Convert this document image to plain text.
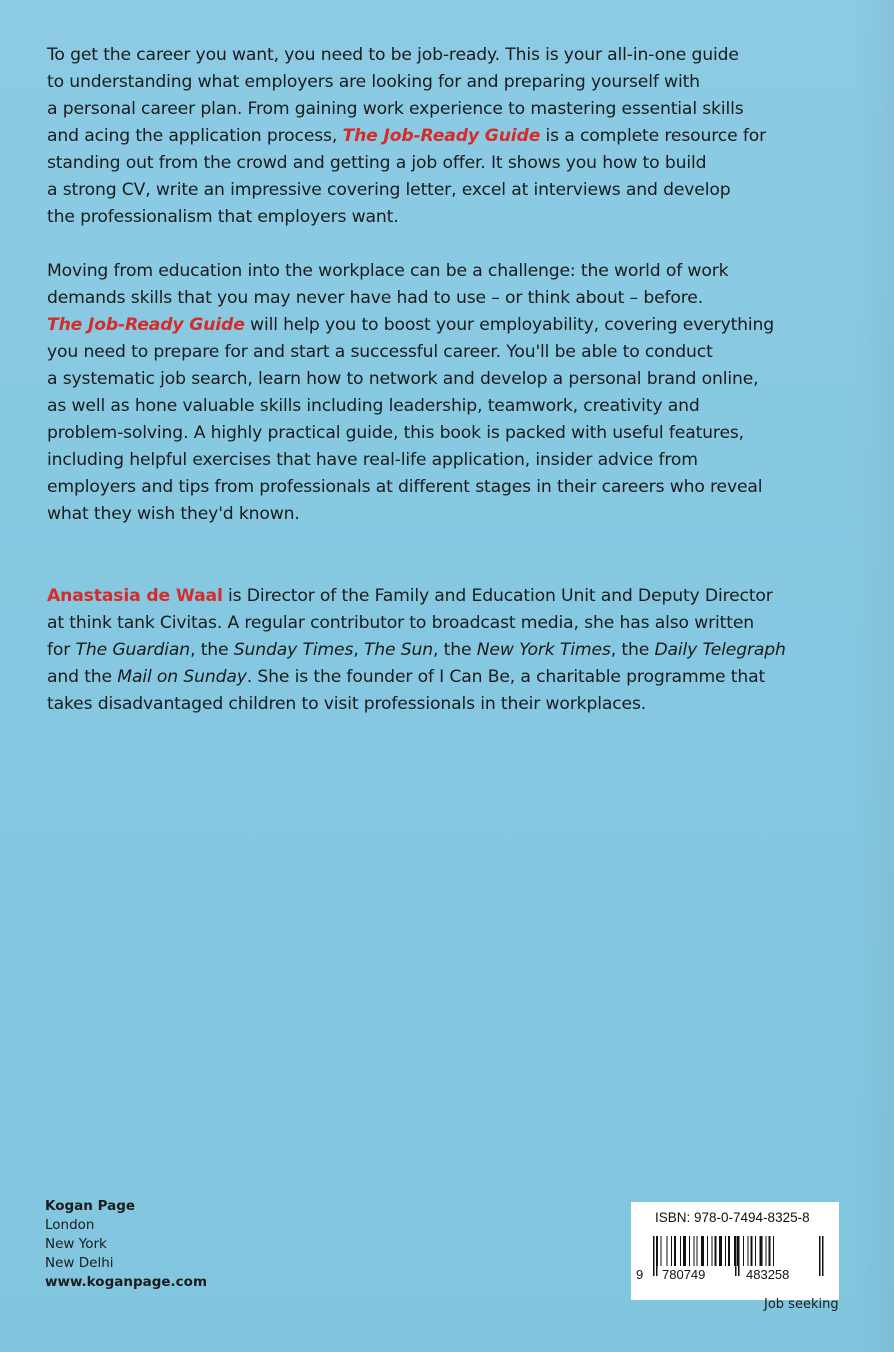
To get the career you want, you need to be job-ready. This is your all-in-one guide
to understanding what employers are looking for and preparing yourself with
a personal career plan. From gaining work experience to mastering essential skills
and acing the application process, The Job-Ready Guide is a complete resource for
standing out from the crowd and getting a job offer. It shows you how to build
a strong CV, write an impressive covering letter, excel at interviews and develop
the professionalism that employers want.

Moving from education into the workplace can be a challenge: the world of work
demands skills that you may never have had to use – or think about – before.
The Job-Ready Guide will help you to boost your employability, covering everything
you need to prepare for and start a successful career. You'll be able to conduct
a systematic job search, learn how to network and develop a personal brand online,
as well as hone valuable skills including leadership, teamwork, creativity and
problem-solving. A highly practical guide, this book is packed with useful features,
including helpful exercises that have real-life application, insider advice from
employers and tips from professionals at different stages in their careers who reveal
what they wish they'd known.

Anastasia de Waal is Director of the Family and Education Unit and Deputy Director
at think tank Civitas. A regular contributor to broadcast media, she has also written
for The Guardian, the Sunday Times, The Sun, the New York Times, the Daily Telegraph
and the Mail on Sunday. She is the founder of I Can Be, a charitable programme that
takes disadvantaged children to visit professionals in their workplaces.

Kogan Page
London
New York
New Delhi
www.koganpage.com
ISBN: 978-0-7494-8325-8
9 780749	483258
Job seeking
